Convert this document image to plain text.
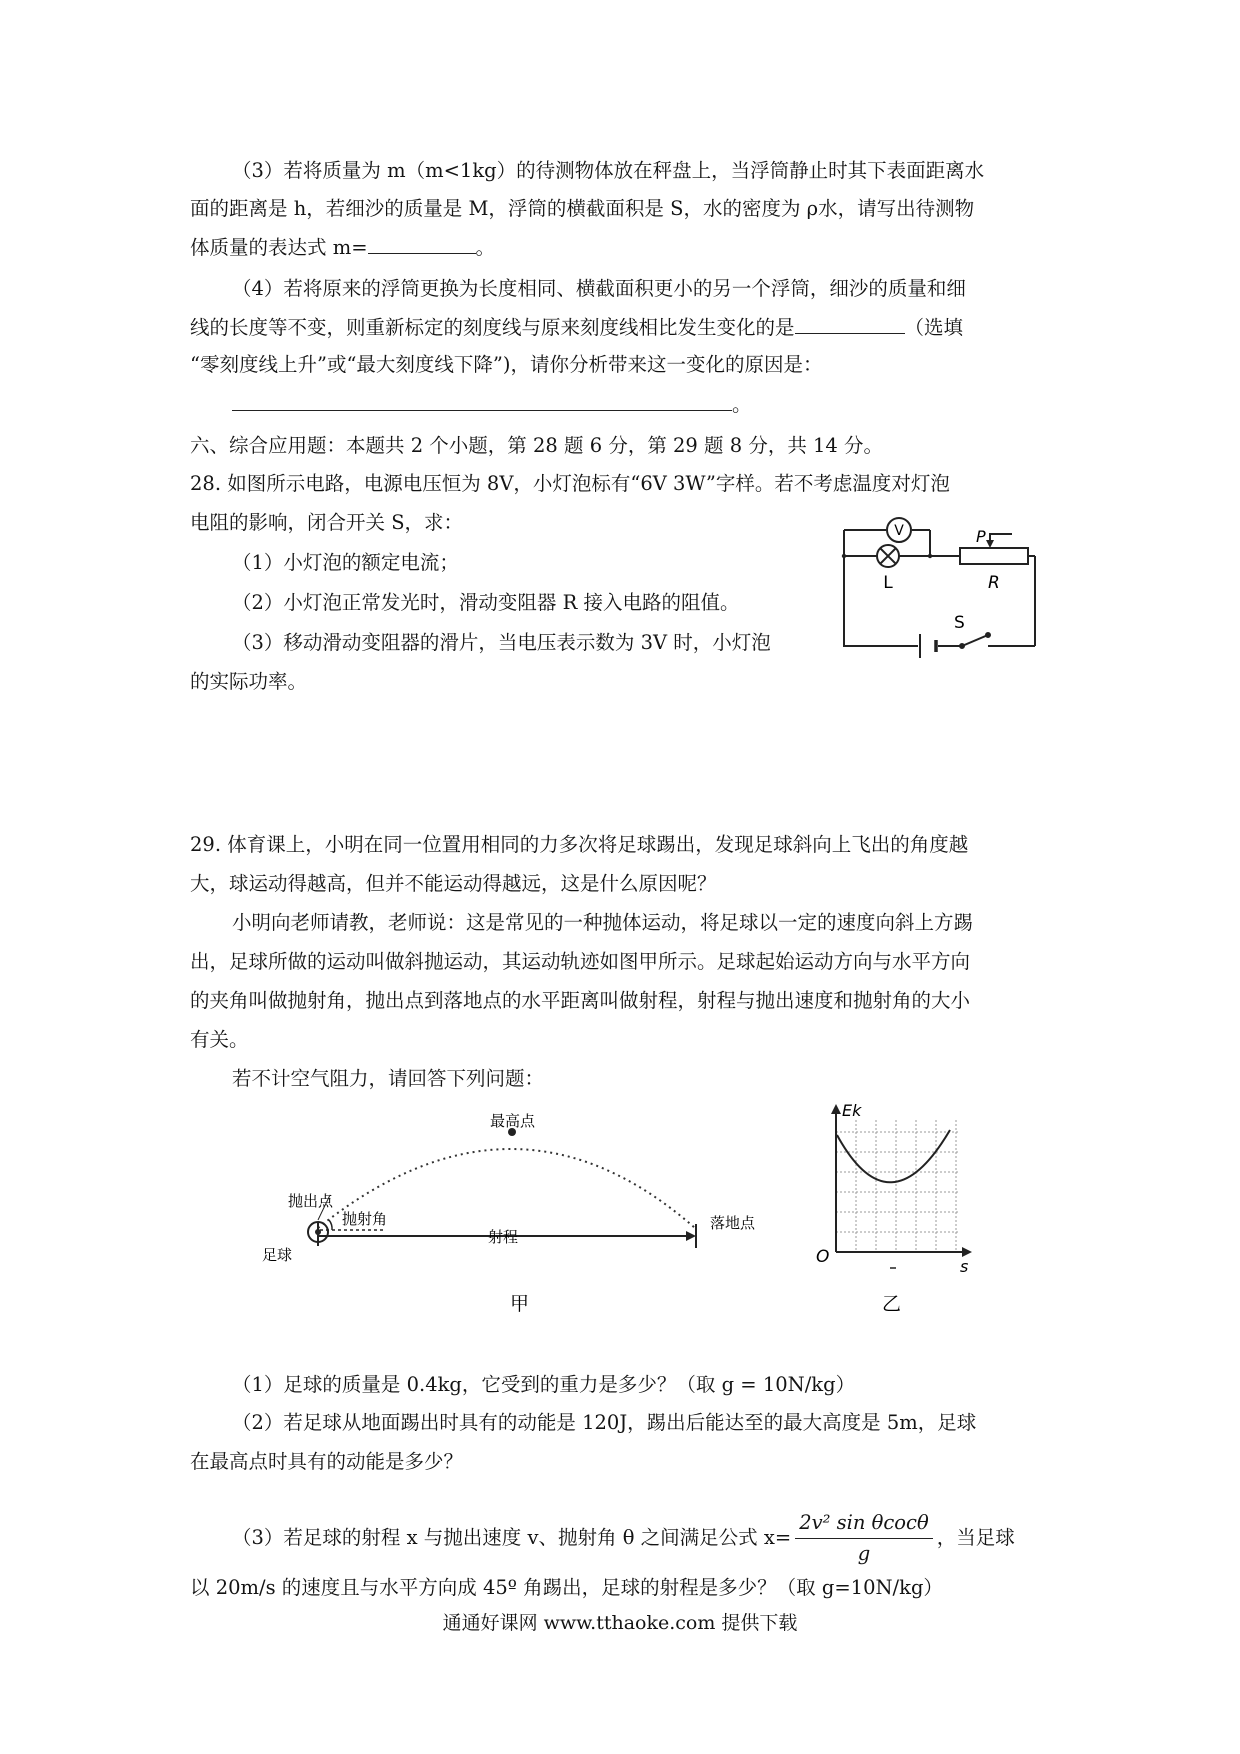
（3）若将质量为 m（m<1kg）的待测物体放在秤盘上，当浮筒静止时其下表面距离水
面的距离是 h，若细沙的质量是 M，浮筒的横截面积是 S，水的密度为 ρ水，请写出待测物
体质量的表达式 m=	。
（4）若将原来的浮筒更换为长度相同、横截面积更小的另一个浮筒，细沙的质量和细
线的长度等不变，则重新标定的刻度线与原来刻度线相比发生变化的是	（选填
“零刻度线上升”或“最大刻度线下降”)，请你分析带来这一变化的原因是：
。
六、综合应用题：本题共 2 个小题，第 28 题 6 分，第 29 题 8 分，共 14 分。
28. 如图所示电路，电源电压恒为 8V，小灯泡标有“6V 3W”字样。若不考虑温度对灯泡
电阻的影响，闭合开关 S，求：
（1）小灯泡的额定电流；
（2）小灯泡正常发光时，滑动变阻器 R 接入电路的阻值。
（3）移动滑动变阻器的滑片，当电压表示数为 3V 时，小灯泡
的实际功率。
V
L
P
R
S
29. 体育课上，小明在同一位置用相同的力多次将足球踢出，发现足球斜向上飞出的角度越
大，球运动得越高，但并不能运动得越远，这是什么原因呢？
小明向老师请教，老师说：这是常见的一种抛体运动，将足球以一定的速度向斜上方踢
出，足球所做的运动叫做斜抛运动，其运动轨迹如图甲所示。足球起始运动方向与水平方向
的夹角叫做抛射角，抛出点到落地点的水平距离叫做射程，射程与抛出速度和抛射角的大小
有关。
若不计空气阻力，请回答下列问题：
最高点
抛出点
抛射角
足球
射程
落地点
甲
Ek
O	s
乙
（1）足球的质量是 0.4kg，它受到的重力是多少？（取 g = 10N/kg）
（2）若足球从地面踢出时具有的动能是 120J，踢出后能达至的最大高度是 5m，足球
在最高点时具有的动能是多少？
（3）若足球的射程 x 与抛出速度 v、抛射角 θ 之间满足公式 x=
2v² sin θcocθ
g
，当足球
以 20m/s 的速度且与水平方向成 45º 角踢出，足球的射程是多少？（取 g=10N/kg）
通通好课网 www.tthaoke.com 提供下载
